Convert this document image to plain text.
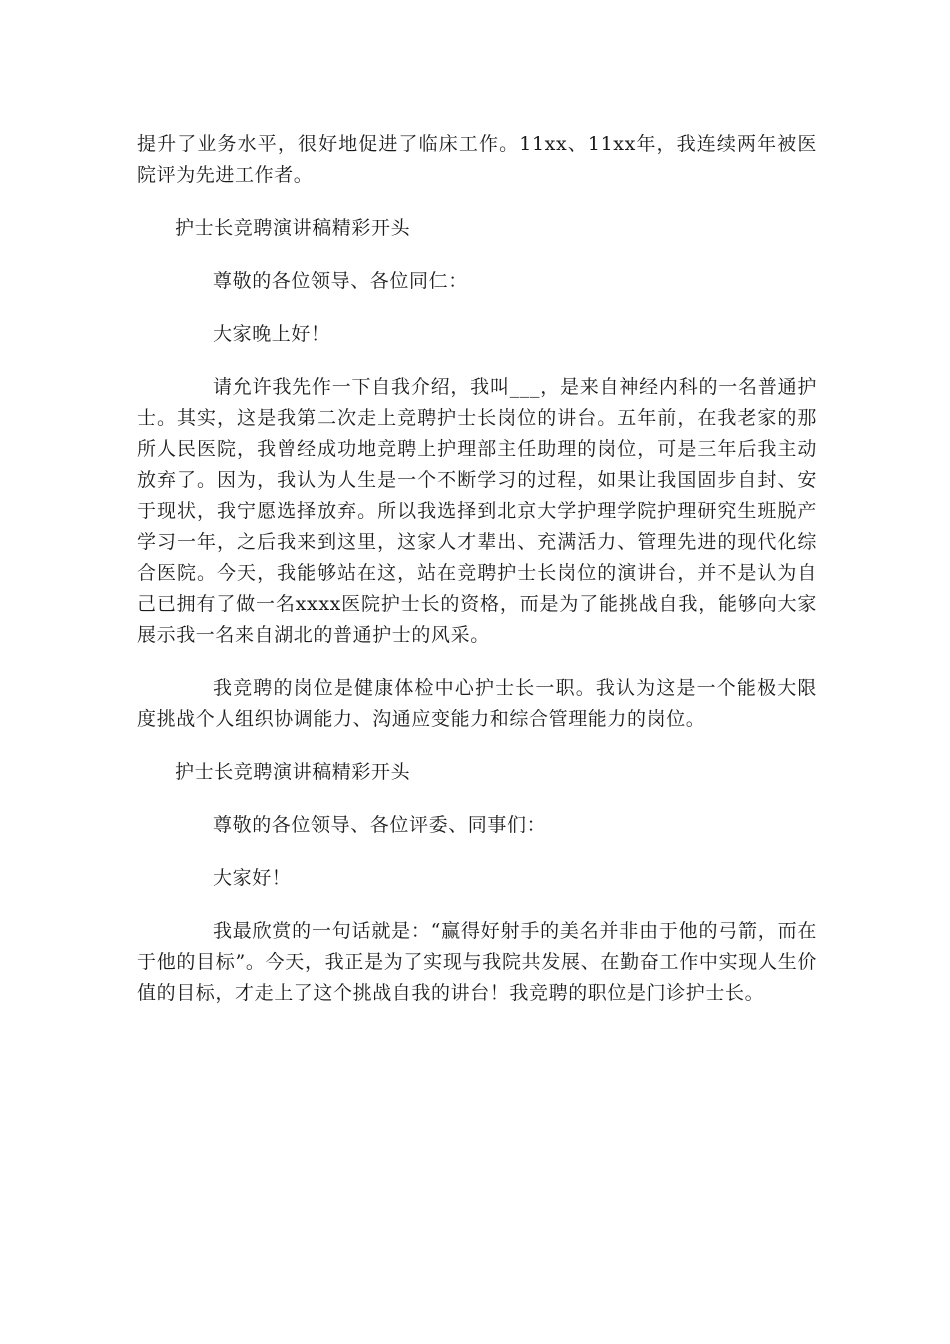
提升了业务水平，很好地促进了临床工作。11xx、11xx年，我连续两年被医院评为先进工作者。

护士长竞聘演讲稿精彩开头

尊敬的各位领导、各位同仁：

大家晚上好！

请允许我先作一下自我介绍，我叫___，是来自神经内科的一名普通护士。其实，这是我第二次走上竞聘护士长岗位的讲台。五年前，在我老家的那所人民医院，我曾经成功地竞聘上护理部主任助理的岗位，可是三年后我主动放弃了。因为，我认为人生是一个不断学习的过程，如果让我国固步自封、安于现状，我宁愿选择放弃。所以我选择到北京大学护理学院护理研究生班脱产学习一年，之后我来到这里，这家人才辈出、充满活力、管理先进的现代化综合医院。今天，我能够站在这，站在竞聘护士长岗位的演讲台，并不是认为自己已拥有了做一名xxxx医院护士长的资格，而是为了能挑战自我，能够向大家展示我一名来自湖北的普通护士的风采。

我竞聘的岗位是健康体检中心护士长一职。我认为这是一个能极大限度挑战个人组织协调能力、沟通应变能力和综合管理能力的岗位。

护士长竞聘演讲稿精彩开头

尊敬的各位领导、各位评委、同事们：

大家好！

我最欣赏的一句话就是：“赢得好射手的美名并非由于他的弓箭，而在于他的目标”。今天，我正是为了实现与我院共发展、在勤奋工作中实现人生价值的目标，才走上了这个挑战自我的讲台！我竞聘的职位是门诊护士长。
